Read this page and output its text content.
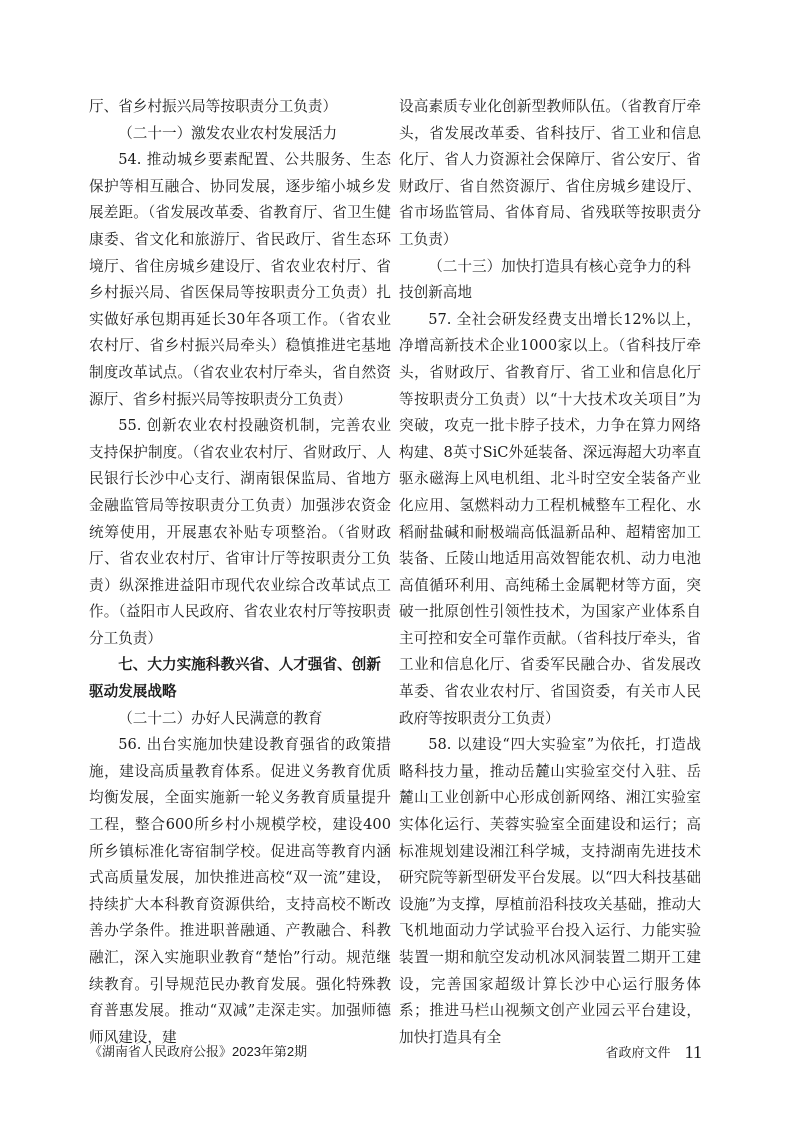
厅、省乡村振兴局等按职责分工负责）

（二十一）激发农业农村发展活力

54. 推动城乡要素配置、公共服务、生态保护等相互融合、协同发展，逐步缩小城乡发展差距。（省发展改革委、省教育厅、省卫生健康委、省文化和旅游厅、省民政厅、省生态环境厅、省住房城乡建设厅、省农业农村厅、省乡村振兴局、省医保局等按职责分工负责）扎实做好承包期再延长30年各项工作。（省农业农村厅、省乡村振兴局牵头）稳慎推进宅基地制度改革试点。（省农业农村厅牵头，省自然资源厅、省乡村振兴局等按职责分工负责）

55. 创新农业农村投融资机制，完善农业支持保护制度。（省农业农村厅、省财政厅、人民银行长沙中心支行、湖南银保监局、省地方金融监管局等按职责分工负责）加强涉农资金统筹使用，开展惠农补贴专项整治。（省财政厅、省农业农村厅、省审计厅等按职责分工负责）纵深推进益阳市现代农业综合改革试点工作。（益阳市人民政府、省农业农村厅等按职责分工负责）

七、大力实施科教兴省、人才强省、创新驱动发展战略

（二十二）办好人民满意的教育

56. 出台实施加快建设教育强省的政策措施，建设高质量教育体系。促进义务教育优质均衡发展，全面实施新一轮义务教育质量提升工程，整合600所乡村小规模学校，建设400所乡镇标准化寄宿制学校。促进高等教育内涵式高质量发展，加快推进高校“双一流”建设，持续扩大本科教育资源供给，支持高校不断改善办学条件。推进职普融通、产教融合、科教融汇，深入实施职业教育“楚怡”行动。规范继续教育。引导规范民办教育发展。强化特殊教育普惠发展。推动“双减”走深走实。加强师德师风建设，建

设高素质专业化创新型教师队伍。（省教育厅牵头，省发展改革委、省科技厅、省工业和信息化厅、省人力资源社会保障厅、省公安厅、省财政厅、省自然资源厅、省住房城乡建设厅、省市场监管局、省体育局、省残联等按职责分工负责）

（二十三）加快打造具有核心竞争力的科技创新高地

57. 全社会研发经费支出增长12%以上，净增高新技术企业1000家以上。（省科技厅牵头，省财政厅、省教育厅、省工业和信息化厅等按职责分工负责）以“十大技术攻关项目”为突破，攻克一批卡脖子技术，力争在算力网络构建、8英寸SiC外延装备、深远海超大功率直驱永磁海上风电机组、北斗时空安全装备产业化应用、氢燃料动力工程机械整车工程化、水稻耐盐碱和耐极端高低温新品种、超精密加工装备、丘陵山地适用高效智能农机、动力电池高值循环利用、高纯稀土金属靶材等方面，突破一批原创性引领性技术，为国家产业体系自主可控和安全可靠作贡献。（省科技厅牵头，省工业和信息化厅、省委军民融合办、省发展改革委、省农业农村厅、省国资委，有关市人民政府等按职责分工负责）

58. 以建设“四大实验室”为依托，打造战略科技力量，推动岳麓山实验室交付入驻、岳麓山工业创新中心形成创新网络、湘江实验室实体化运行、芙蓉实验室全面建设和运行；高标准规划建设湘江科学城，支持湖南先进技术研究院等新型研发平台发展。以“四大科技基础设施”为支撑，厚植前沿科技攻关基础，推动大飞机地面动力学试验平台投入运行、力能实验装置一期和航空发动机冰风洞装置二期开工建设，完善国家超级计算长沙中心运行服务体系；推进马栏山视频文创产业园云平台建设，加快打造具有全

《湖南省人民政府公报》2023年第2期	省政府文件 11
